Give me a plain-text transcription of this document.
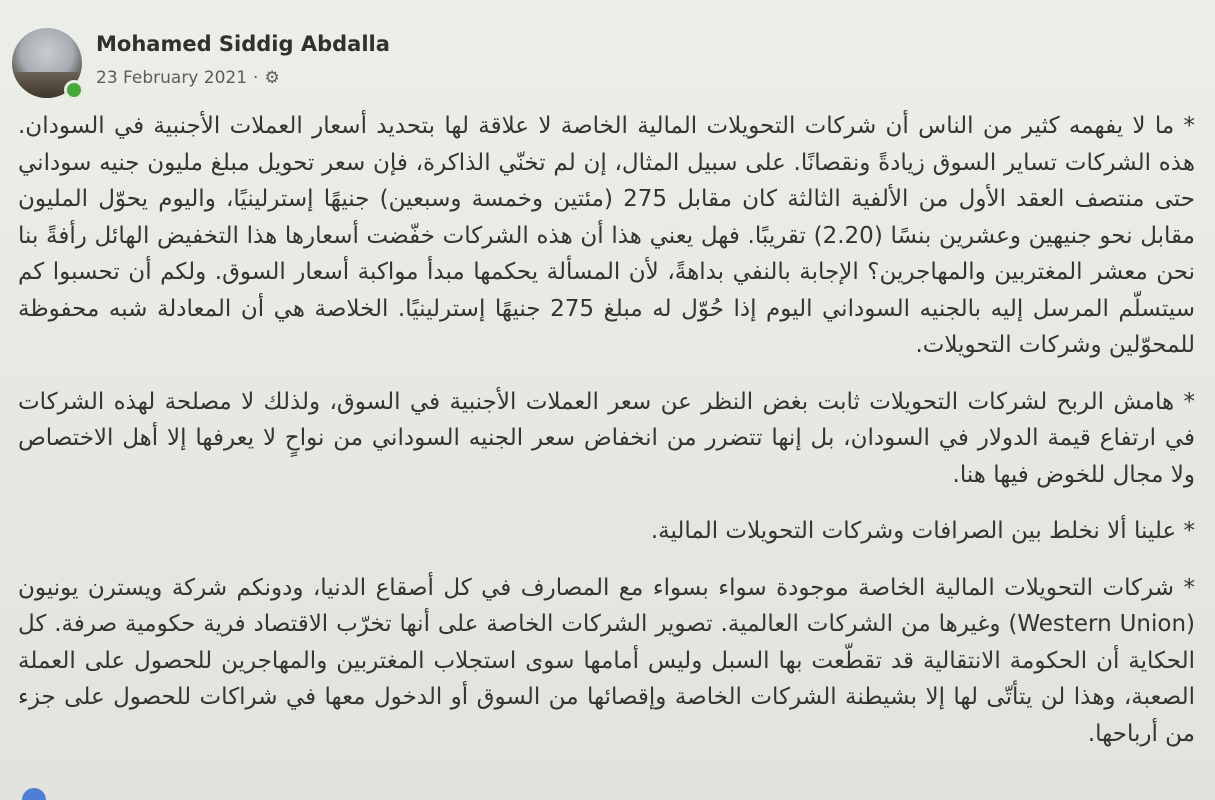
Mohamed Siddig Abdalla
23 February 2021 · ⚙

* ما لا يفهمه كثير من الناس أن شركات التحويلات المالية الخاصة لا علاقة لها بتحديد أسعار العملات الأجنبية في السودان. هذه الشركات تساير السوق زيادةً ونقصانًا. على سبيل المثال، إن لم تخنّي الذاكرة، فإن سعر تحويل مبلغ مليون جنيه سوداني حتى منتصف العقد الأول من الألفية الثالثة كان مقابل 275 (مئتين وخمسة وسبعين) جنيهًا إسترلينيًا، واليوم يحوّل المليون مقابل نحو جنيهين وعشرين بنسًا (2.20) تقريبًا. فهل يعني هذا أن هذه الشركات خفّضت أسعارها هذا التخفيض الهائل رأفةً بنا نحن معشر المغتربين والمهاجرين؟ الإجابة بالنفي بداهةً، لأن المسألة يحكمها مبدأ مواكبة أسعار السوق. ولكم أن تحسبوا كم سيتسلّم المرسل إليه بالجنيه السوداني اليوم إذا حُوّل له مبلغ 275 جنيهًا إسترلينيًا. الخلاصة هي أن المعادلة شبه محفوظة للمحوّلين وشركات التحويلات.

* هامش الربح لشركات التحويلات ثابت بغض النظر عن سعر العملات الأجنبية في السوق، ولذلك لا مصلحة لهذه الشركات في ارتفاع قيمة الدولار في السودان، بل إنها تتضرر من انخفاض سعر الجنيه السوداني من نواحٍ لا يعرفها إلا أهل الاختصاص ولا مجال للخوض فيها هنا.

* علينا ألا نخلط بين الصرافات وشركات التحويلات المالية.

* شركات التحويلات المالية الخاصة موجودة سواء بسواء مع المصارف في كل أصقاع الدنيا، ودونكم شركة ويسترن يونيون (Western Union) وغيرها من الشركات العالمية. تصوير الشركات الخاصة على أنها تخرّب الاقتصاد فرية حكومية صرفة. كل الحكاية أن الحكومة الانتقالية قد تقطّعت بها السبل وليس أمامها سوى استجلاب المغتربين والمهاجرين للحصول على العملة الصعبة، وهذا لن يتأتّى لها إلا بشيطنة الشركات الخاصة وإقصائها من السوق أو الدخول معها في شراكات للحصول على جزء من أرباحها.
